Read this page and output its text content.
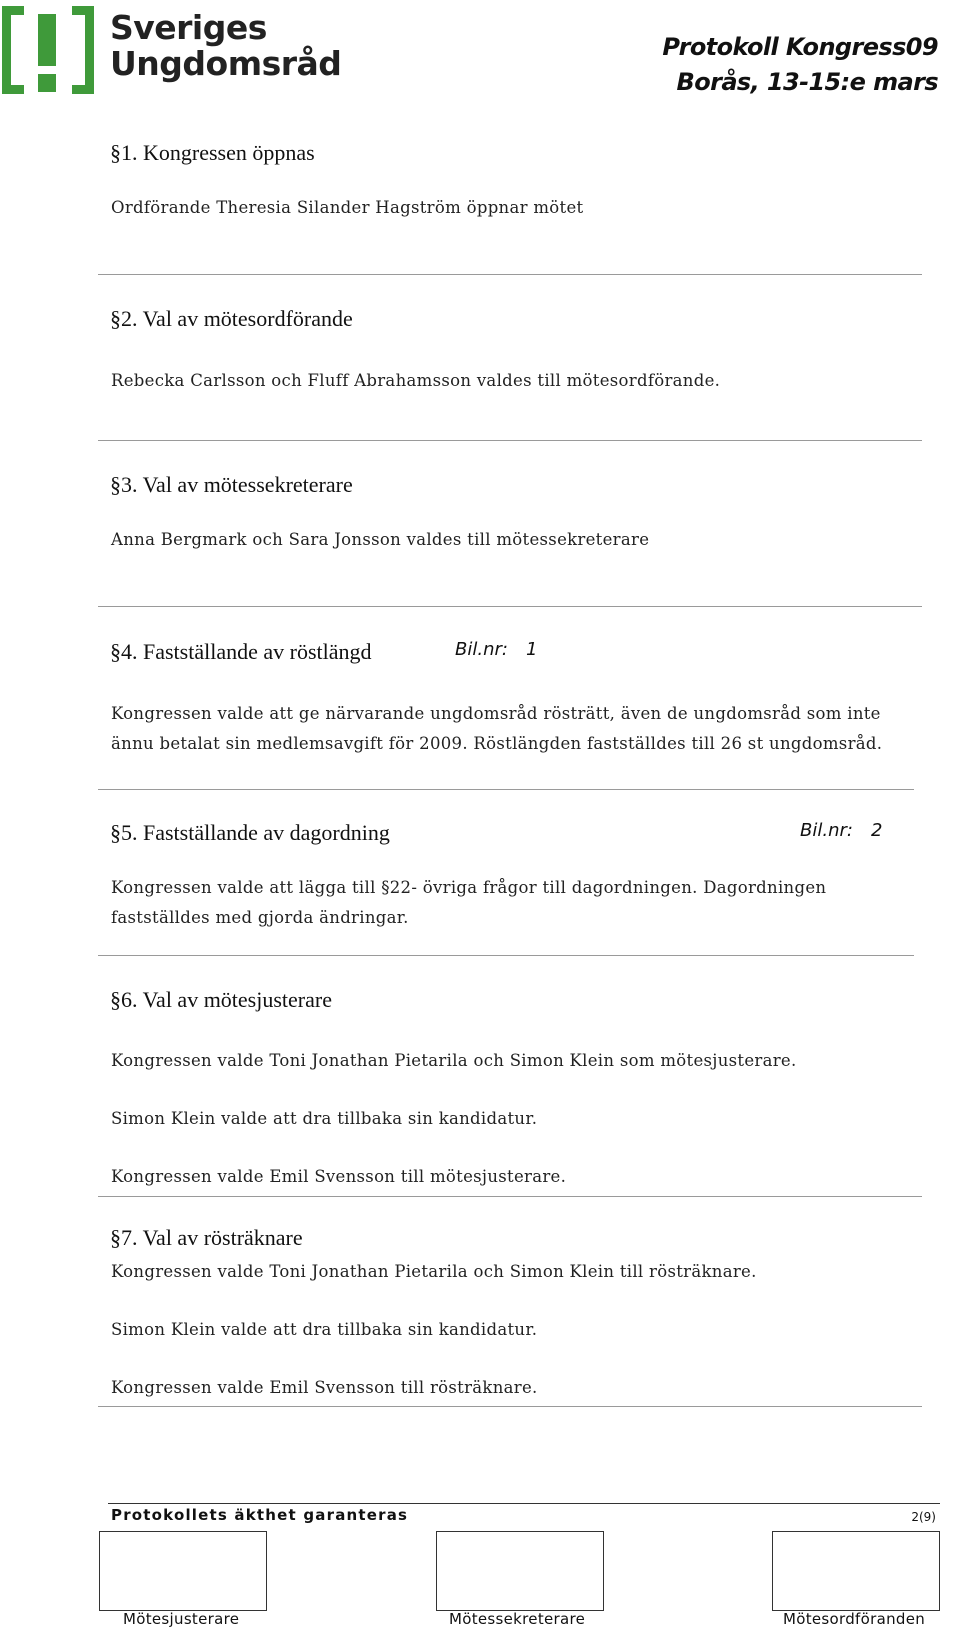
Sveriges
Ungdomsråd	Protokoll Kongress09
Borås, 13-15:e mars
§1. Kongressen öppnas
Ordförande Theresia Silander Hagström öppnar mötet
§2. Val av mötesordförande
Rebecka Carlsson och Fluff Abrahamsson valdes till mötesordförande.
§3. Val av mötessekreterare
Anna Bergmark och Sara Jonsson valdes till mötessekreterare
§4. Fastställande av röstlängd	Bil.nr: 1
Kongressen valde att ge närvarande ungdomsråd rösträtt, även de ungdomsråd som inte
ännu betalat sin medlemsavgift för 2009. Röstlängden fastställdes till 26 st ungdomsråd.
§5. Fastställande av dagordning	Bil.nr: 2
Kongressen valde att lägga till §22- övriga frågor till dagordningen. Dagordningen
fastställdes med gjorda ändringar.
§6. Val av mötesjusterare
Kongressen valde Toni Jonathan Pietarila och Simon Klein som mötesjusterare.
Simon Klein valde att dra tillbaka sin kandidatur.
Kongressen valde Emil Svensson till mötesjusterare.
§7. Val av rösträknare
Kongressen valde Toni Jonathan Pietarila och Simon Klein till rösträknare.
Simon Klein valde att dra tillbaka sin kandidatur.
Kongressen valde Emil Svensson till rösträknare.
Protokollets äkthet garanteras	2(9)
Mötesjusterare	Mötessekreterare	Mötesordföranden
